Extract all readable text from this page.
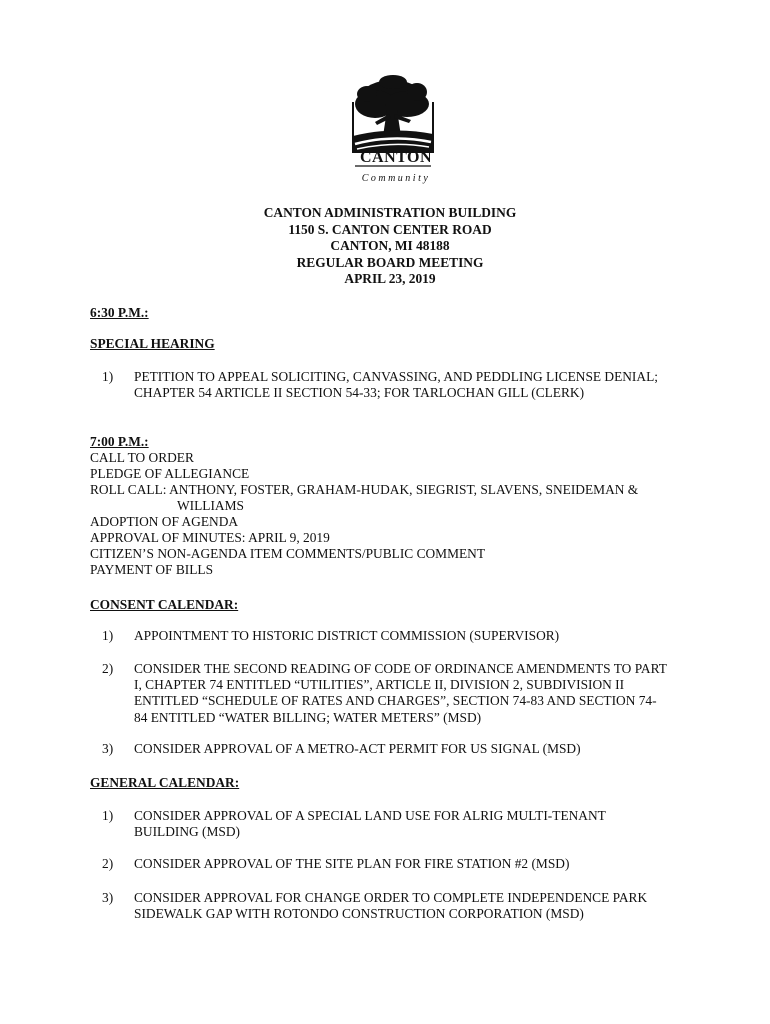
CANTON
Community
CANTON ADMINISTRATION BUILDING
1150 S. CANTON CENTER ROAD
CANTON, MI 48188
REGULAR BOARD MEETING
APRIL 23, 2019
6:30 P.M.:
SPECIAL HEARING
1) PETITION TO APPEAL SOLICITING, CANVASSING, AND PEDDLING LICENSE DENIAL;
CHAPTER 54 ARTICLE II SECTION 54-33; FOR TARLOCHAN GILL (CLERK)
7:00 P.M.:
CALL TO ORDER
PLEDGE OF ALLEGIANCE
ROLL CALL: ANTHONY, FOSTER, GRAHAM-HUDAK, SIEGRIST, SLAVENS, SNEIDEMAN &
WILLIAMS
ADOPTION OF AGENDA
APPROVAL OF MINUTES: APRIL 9, 2019
CITIZEN’S NON-AGENDA ITEM COMMENTS/PUBLIC COMMENT
PAYMENT OF BILLS
CONSENT CALENDAR:
1) APPOINTMENT TO HISTORIC DISTRICT COMMISSION (SUPERVISOR)
2) CONSIDER THE SECOND READING OF CODE OF ORDINANCE AMENDMENTS TO PART
I, CHAPTER 74 ENTITLED “UTILITIES”, ARTICLE II, DIVISION 2, SUBDIVISION II
ENTITLED “SCHEDULE OF RATES AND CHARGES”, SECTION 74-83 AND SECTION 74-
84 ENTITLED “WATER BILLING; WATER METERS” (MSD)
3) CONSIDER APPROVAL OF A METRO-ACT PERMIT FOR US SIGNAL (MSD)
GENERAL CALENDAR:
1) CONSIDER APPROVAL OF A SPECIAL LAND USE FOR ALRIG MULTI-TENANT
BUILDING (MSD)
2) CONSIDER APPROVAL OF THE SITE PLAN FOR FIRE STATION #2 (MSD)
3) CONSIDER APPROVAL FOR CHANGE ORDER TO COMPLETE INDEPENDENCE PARK
SIDEWALK GAP WITH ROTONDO CONSTRUCTION CORPORATION (MSD)
